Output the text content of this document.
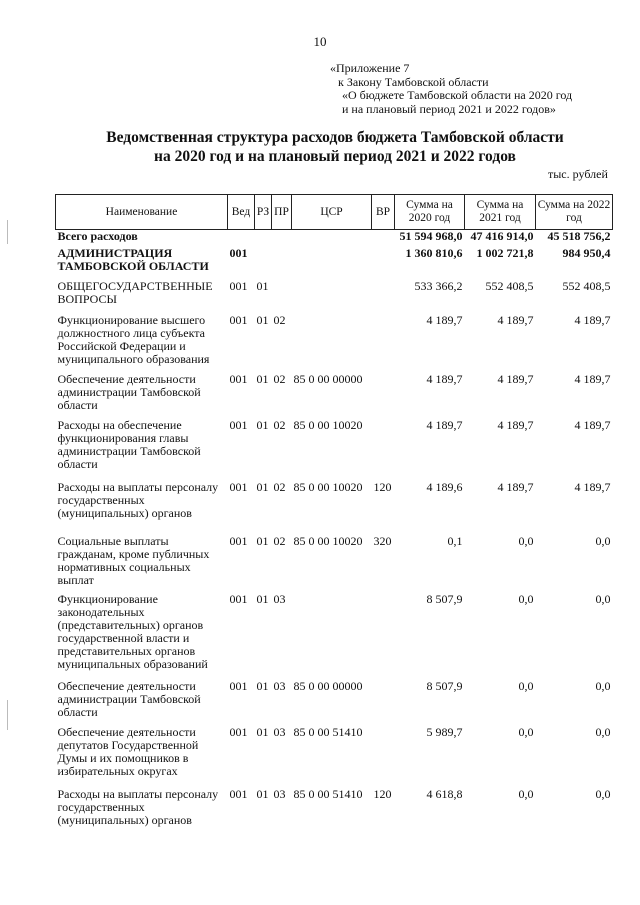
10
«Приложение 7
к Закону Тамбовской области
«О бюджете Тамбовской области на 2020 год
и на плановый период 2021 и 2022 годов»
Ведомственная структура расходов бюджета Тамбовской области
на 2020 год и на плановый период 2021 и 2022 годов
тыс. рублей
Наименование	Вед	РЗ	ПР	ЦСР	ВР	Сумма на 2020 год	Сумма на 2021 год	Сумма на 2022 год
Всего расходов						51 594 968,0	47 416 914,0	45 518 756,2

АДМИНИСТРАЦИЯ ТАМБОВСКОЙ ОБЛАСТИ	001					1 360 810,6	1 002 721,8	984 950,4

ОБЩЕГОСУДАРСТВЕННЫЕ ВОПРОСЫ	001	01				533 366,2	552 408,5	552 408,5

Функционирование высшего должностного лица субъекта Российской Федерации и муниципального образования	001	01	02			4 189,7	4 189,7	4 189,7

Обеспечение деятельности администрации Тамбовской области	001	01	02	85 0 00 00000		4 189,7	4 189,7	4 189,7

Расходы на обеспечение функционирования главы администрации Тамбовской области	001	01	02	85 0 00 10020		4 189,7	4 189,7	4 189,7

Расходы на выплаты персоналу государственных (муниципальных) органов	001	01	02	85 0 00 10020	120	4 189,6	4 189,7	4 189,7

Социальные выплаты гражданам, кроме публичных нормативных социальных выплат	001	01	02	85 0 00 10020	320	0,1	0,0	0,0

Функционирование законодательных (представительных) органов государственной власти и представительных органов муниципальных образований	001	01	03			8 507,9	0,0	0,0

Обеспечение деятельности администрации Тамбовской области	001	01	03	85 0 00 00000		8 507,9	0,0	0,0

Обеспечение деятельности депутатов Государственной Думы и их помощников в избирательных округах	001	01	03	85 0 00 51410		5 989,7	0,0	0,0

Расходы на выплаты персоналу государственных (муниципальных) органов	001	01	03	85 0 00 51410	120	4 618,8	0,0	0,0
